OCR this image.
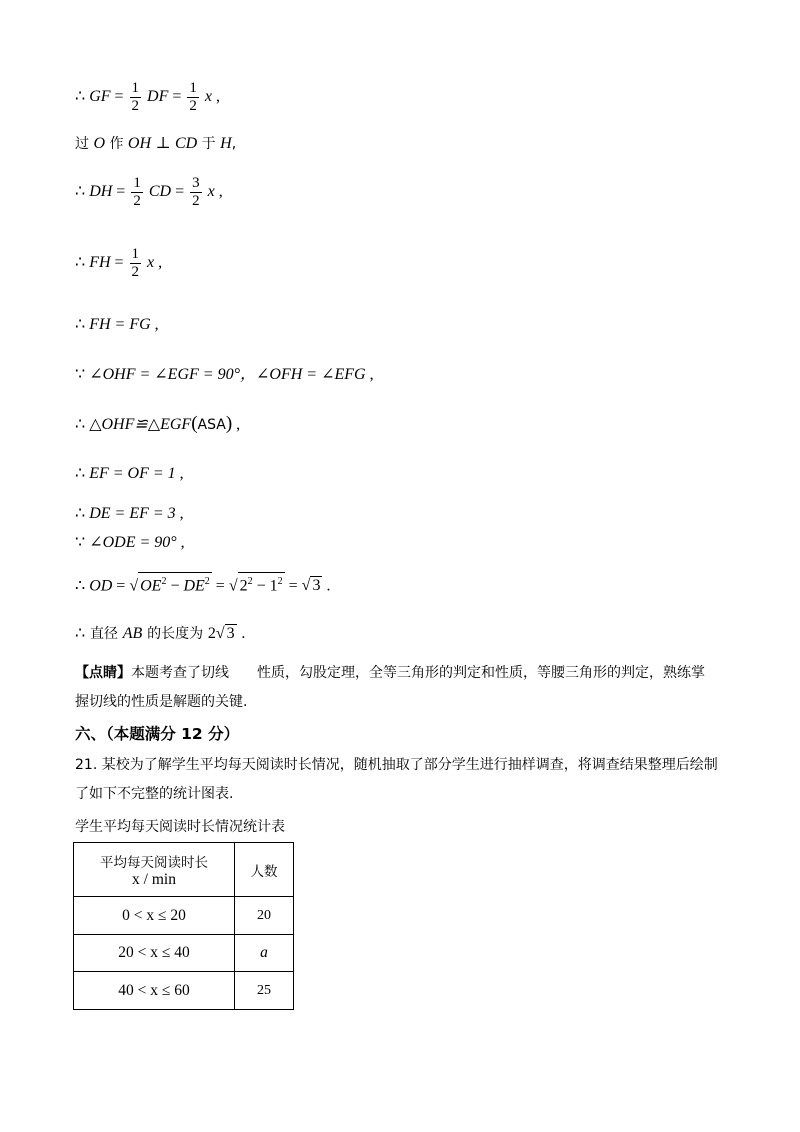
∴ GF = $\frac{1}{2}$ DF = $\frac{1}{2}$ x ,
过 O 作 OH ⊥ CD 于 H,
∴ DH = $\frac{1}{2}$ CD = $\frac{3}{2}$ x ,
∴ FH = $\frac{1}{2}$ x ,
∴ FH = FG ,
∵ ∠OHF = ∠EGF = 90°，∠OFH = ∠EFG ,
∴ △OHF≌△EGF(ASA) ,
∴ EF = OF = 1 ,
∴ DE = EF = 3 ,
∵ ∠ODE = 90° ,
∴ OD = √ $OE^2 - DE^2$ = √ $2^2 - 1^2$ = √ 3 .
∴ 直径 AB 的长度为 2√ 3 .
【点睛】本题考查了切线　　性质，勾股定理，全等三角形的判定和性质，等腰三角形的判定，熟练掌
握切线的性质是解题的关键.
六、（本题满分 12 分）
21. 某校为了解学生平均每天阅读时长情况，随机抽取了部分学生进行抽样调查，将调查结果整理后绘制
了如下不完整的统计图表.
学生平均每天阅读时长情况统计表
平均每天阅读时长
x / min	人数
0 < x ≤ 20	20
20 < x ≤ 40	a
40 < x ≤ 60	25
